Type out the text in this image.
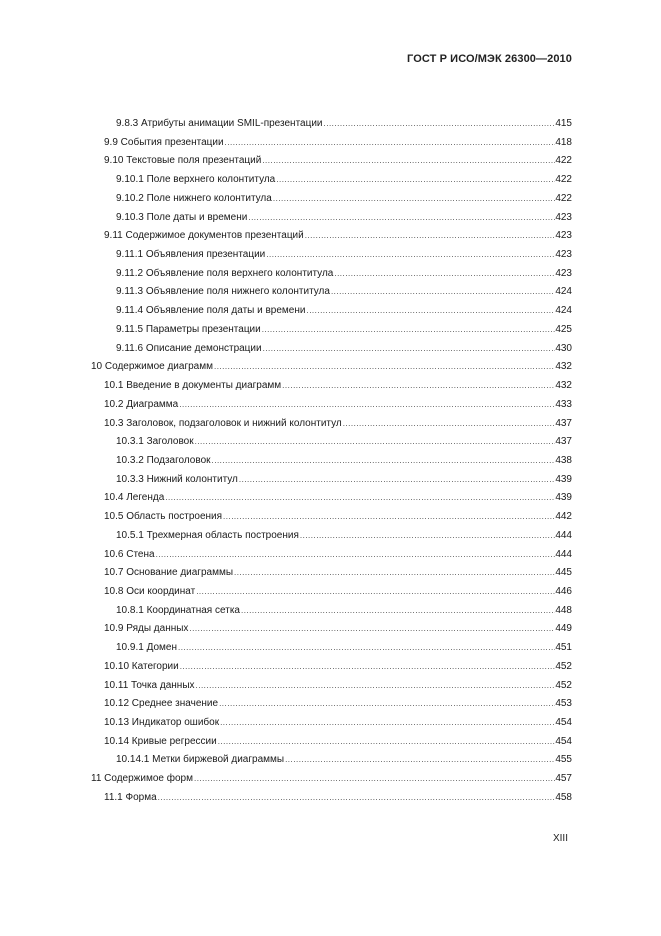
ГОСТ Р ИСО/МЭК 26300—2010
9.8.3 Атрибуты анимации SMIL-презентации .....	415
9.9 События презентации .....	418
9.10 Текстовые поля презентаций .....	422
9.10.1 Поле верхнего колонтитула .....	422
9.10.2 Поле нижнего колонтитула .....	422
9.10.3 Поле даты и времени .....	423
9.11 Содержимое документов презентаций .....	423
9.11.1 Объявления презентации .....	423
9.11.2 Объявление поля верхнего колонтитула .....	423
9.11.3 Объявление поля нижнего колонтитула .....	424
9.11.4 Объявление поля даты и времени .....	424
9.11.5 Параметры презентации .....	425
9.11.6 Описание демонстрации .....	430
10 Содержимое диаграмм .....	432
10.1 Введение в документы диаграмм .....	432
10.2 Диаграмма .....	433
10.3 Заголовок, подзаголовок и нижний колонтитул .....	437
10.3.1 Заголовок .....	437
10.3.2 Подзаголовок .....	438
10.3.3 Нижний колонтитул .....	439
10.4 Легенда .....	439
10.5 Область построения .....	442
10.5.1 Трехмерная область построения .....	444
10.6 Стена .....	444
10.7 Основание диаграммы .....	445
10.8 Оси координат .....	446
10.8.1 Координатная сетка .....	448
10.9 Ряды данных .....	449
10.9.1 Домен .....	451
10.10 Категории .....	452
10.11 Точка данных .....	452
10.12 Среднее значение .....	453
10.13 Индикатор ошибок .....	454
10.14 Кривые регрессии .....	454
10.14.1 Метки биржевой диаграммы .....	455
11 Содержимое форм .....	457
11.1 Форма .....	458
XIII
